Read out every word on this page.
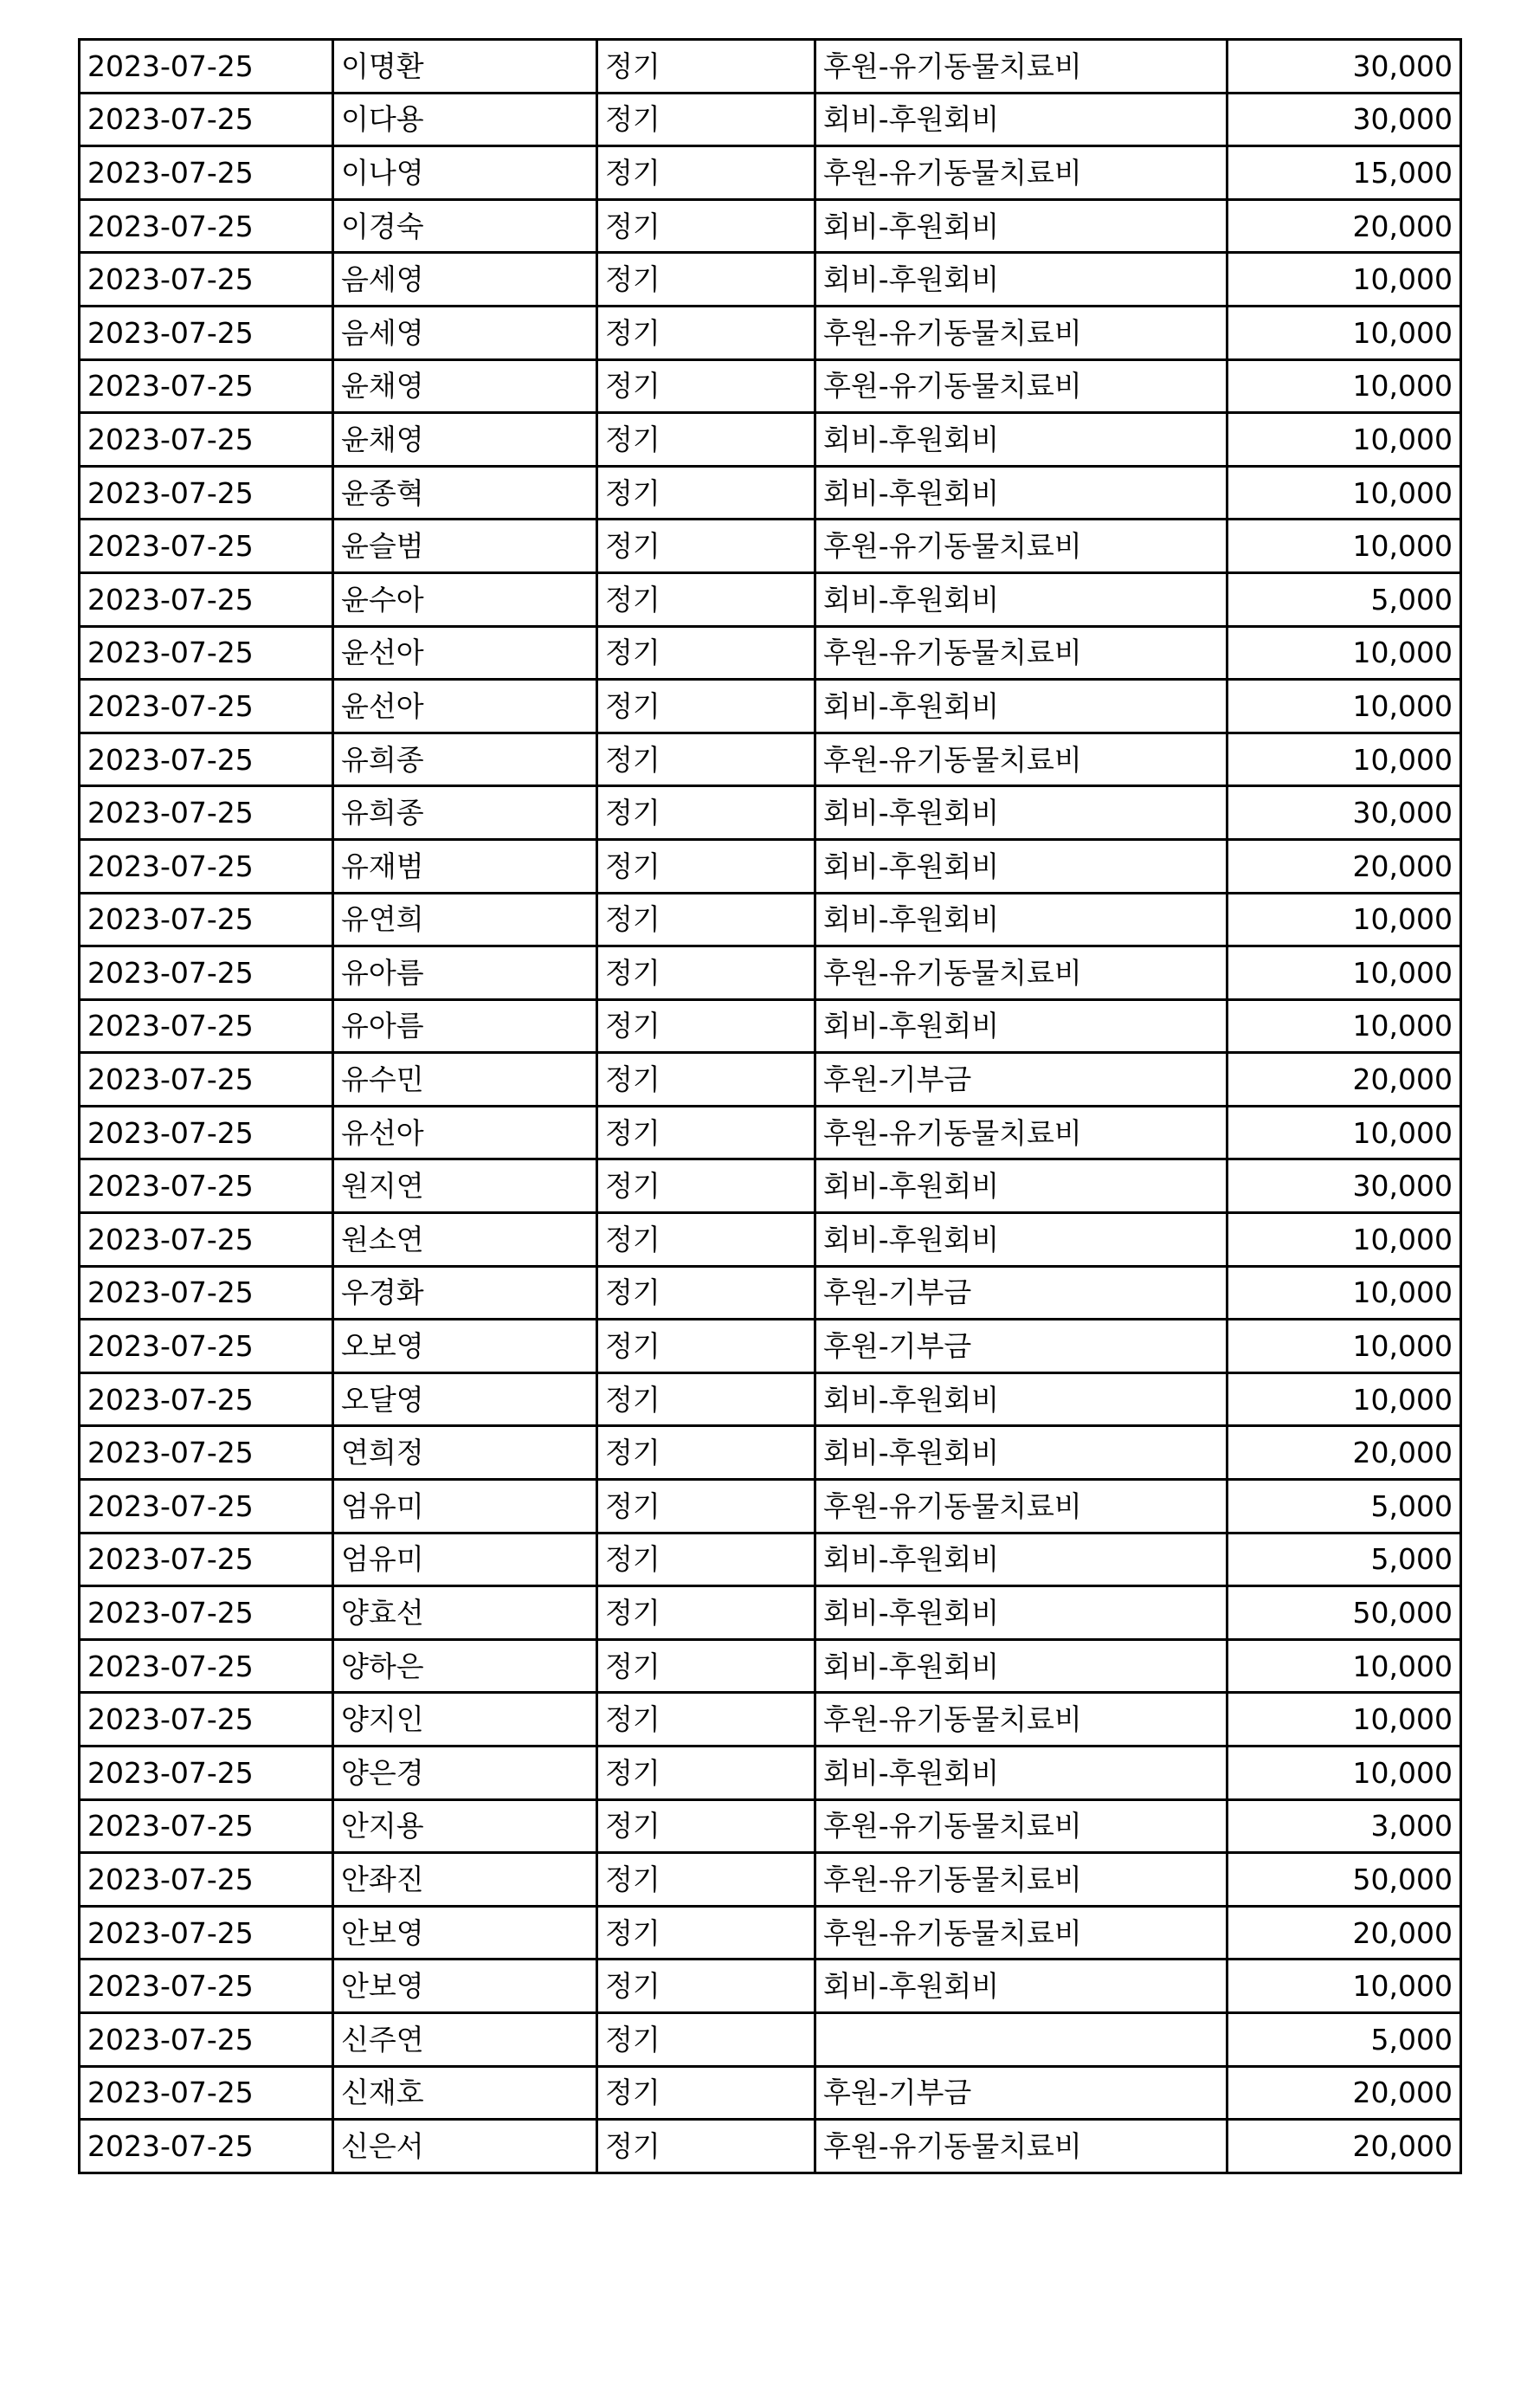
2023-07-25	이명환	정기	후원-유기동물치료비	30,000
2023-07-25	이다용	정기	회비-후원회비	30,000
2023-07-25	이나영	정기	후원-유기동물치료비	15,000
2023-07-25	이경숙	정기	회비-후원회비	20,000
2023-07-25	음세영	정기	회비-후원회비	10,000
2023-07-25	음세영	정기	후원-유기동물치료비	10,000
2023-07-25	윤채영	정기	후원-유기동물치료비	10,000
2023-07-25	윤채영	정기	회비-후원회비	10,000
2023-07-25	윤종혁	정기	회비-후원회비	10,000
2023-07-25	윤슬범	정기	후원-유기동물치료비	10,000
2023-07-25	윤수아	정기	회비-후원회비	5,000
2023-07-25	윤선아	정기	후원-유기동물치료비	10,000
2023-07-25	윤선아	정기	회비-후원회비	10,000
2023-07-25	유희종	정기	후원-유기동물치료비	10,000
2023-07-25	유희종	정기	회비-후원회비	30,000
2023-07-25	유재범	정기	회비-후원회비	20,000
2023-07-25	유연희	정기	회비-후원회비	10,000
2023-07-25	유아름	정기	후원-유기동물치료비	10,000
2023-07-25	유아름	정기	회비-후원회비	10,000
2023-07-25	유수민	정기	후원-기부금	20,000
2023-07-25	유선아	정기	후원-유기동물치료비	10,000
2023-07-25	원지연	정기	회비-후원회비	30,000
2023-07-25	원소연	정기	회비-후원회비	10,000
2023-07-25	우경화	정기	후원-기부금	10,000
2023-07-25	오보영	정기	후원-기부금	10,000
2023-07-25	오달영	정기	회비-후원회비	10,000
2023-07-25	연희정	정기	회비-후원회비	20,000
2023-07-25	엄유미	정기	후원-유기동물치료비	5,000
2023-07-25	엄유미	정기	회비-후원회비	5,000
2023-07-25	양효선	정기	회비-후원회비	50,000
2023-07-25	양하은	정기	회비-후원회비	10,000
2023-07-25	양지인	정기	후원-유기동물치료비	10,000
2023-07-25	양은경	정기	회비-후원회비	10,000
2023-07-25	안지용	정기	후원-유기동물치료비	3,000
2023-07-25	안좌진	정기	후원-유기동물치료비	50,000
2023-07-25	안보영	정기	후원-유기동물치료비	20,000
2023-07-25	안보영	정기	회비-후원회비	10,000
2023-07-25	신주연	정기		5,000
2023-07-25	신재호	정기	후원-기부금	20,000
2023-07-25	신은서	정기	후원-유기동물치료비	20,000
